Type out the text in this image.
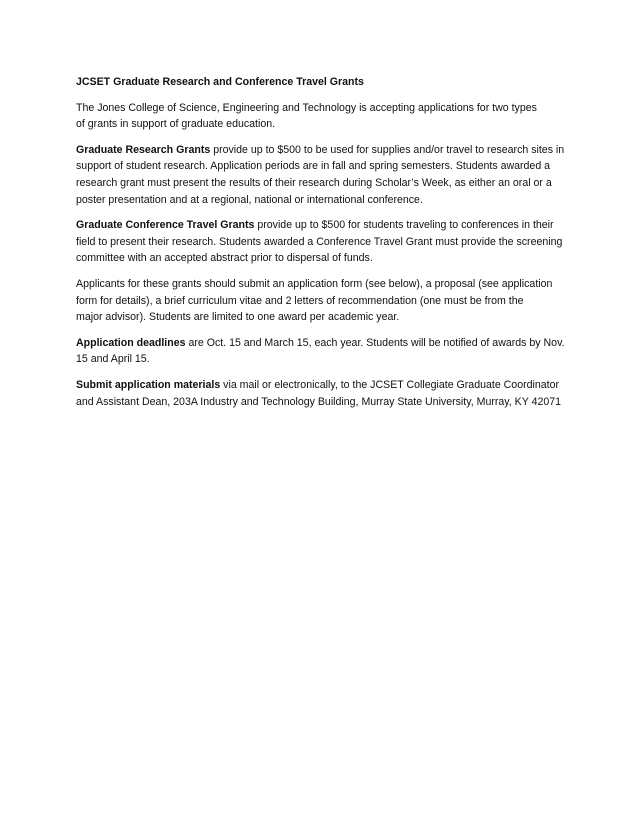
JCSET Graduate Research and Conference Travel Grants
The Jones College of Science, Engineering and Technology is accepting applications for two types
of grants in support of graduate education.
Graduate Research Grants provide up to $500 to be used for supplies and/or travel to research sites in
support of student research. Application periods are in fall and spring semesters. Students awarded a
research grant must present the results of their research during Scholar’s Week, as either an oral or a
poster presentation and at a regional, national or international conference.
Graduate Conference Travel Grants provide up to $500 for students traveling to conferences in their
field to present their research. Students awarded a Conference Travel Grant must provide the screening
committee with an accepted abstract prior to dispersal of funds.
Applicants for these grants should submit an application form (see below), a proposal (see application
form for details), a brief curriculum vitae and 2 letters of recommendation (one must be from the
major advisor). Students are limited to one award per academic year.
Application deadlines are Oct. 15 and March 15, each year. Students will be notified of awards by Nov.
15 and April 15.
Submit application materials via mail or electronically, to the JCSET Collegiate Graduate Coordinator
and Assistant Dean, 203A Industry and Technology Building, Murray State University, Murray, KY 42071
